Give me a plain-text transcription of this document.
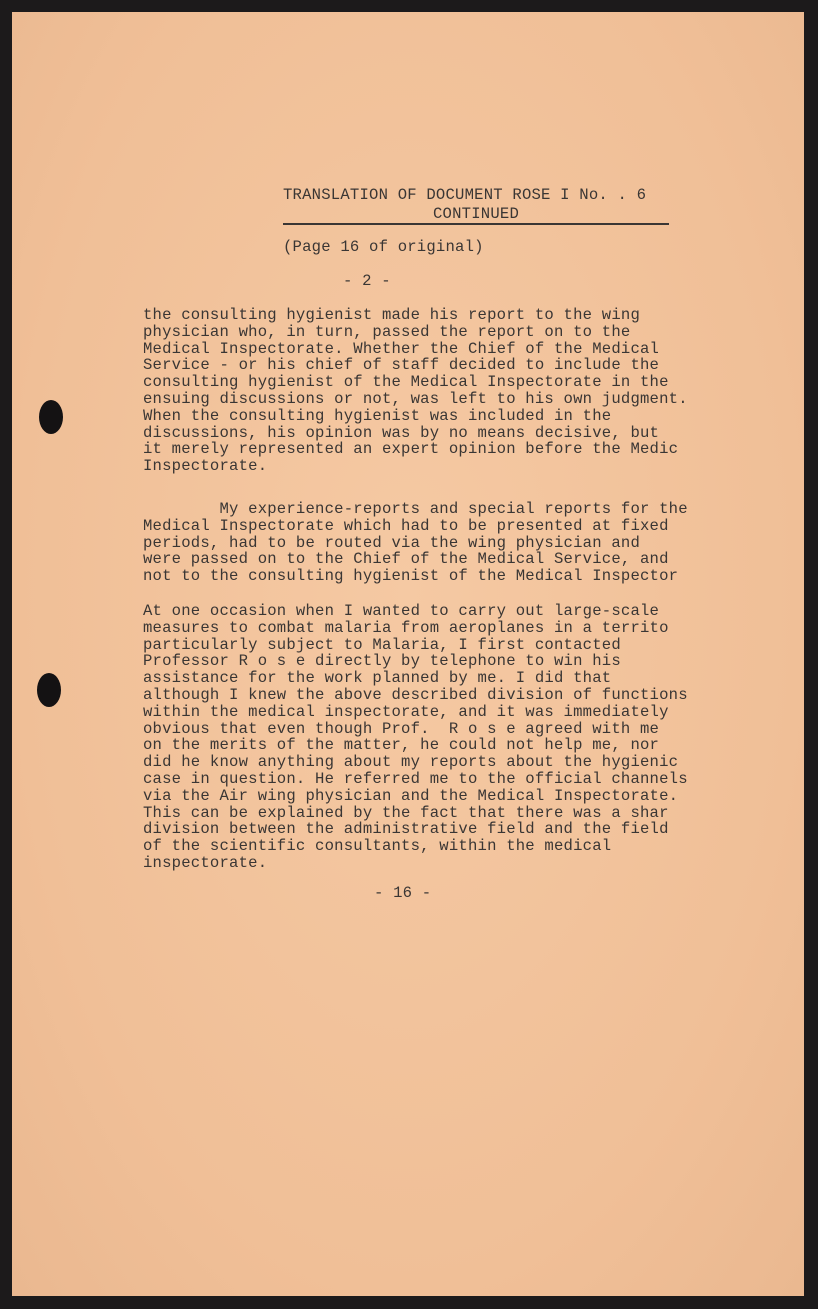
TRANSLATION OF DOCUMENT ROSE I No. . 6
CONTINUED
(Page 16 of original)
- 2 -

the consulting hygienist made his report to the wing
physician who, in turn, passed the report on to the
Medical Inspectorate. Whether the Chief of the Medical
Service - or his chief of staff decided to include the
consulting hygienist of the Medical Inspectorate in the
ensuing discussions or not, was left to his own judgment.
When the consulting hygienist was included in the
discussions, his opinion was by no means decisive, but
it merely represented an expert opinion before the Medic
Inspectorate.

My experience-reports and special reports for the
Medical Inspectorate which had to be presented at fixed
periods, had to be routed via the wing physician and
were passed on to the Chief of the Medical Service, and
not to the consulting hygienist of the Medical Inspector

At one occasion when I wanted to carry out large-scale
measures to combat malaria from aeroplanes in a territo
particularly subject to Malaria, I first contacted
Professor R o s e directly by telephone to win his
assistance for the work planned by me. I did that
although I knew the above described division of functions
within the medical inspectorate, and it was immediately
obvious that even though Prof.  R o s e agreed with me
on the merits of the matter, he could not help me, nor
did he know anything about my reports about the hygienic
case in question. He referred me to the official channels
via the Air wing physician and the Medical Inspectorate.
This can be explained by the fact that there was a shar
division between the administrative field and the field
of the scientific consultants, within the medical
inspectorate.

- 16 -
